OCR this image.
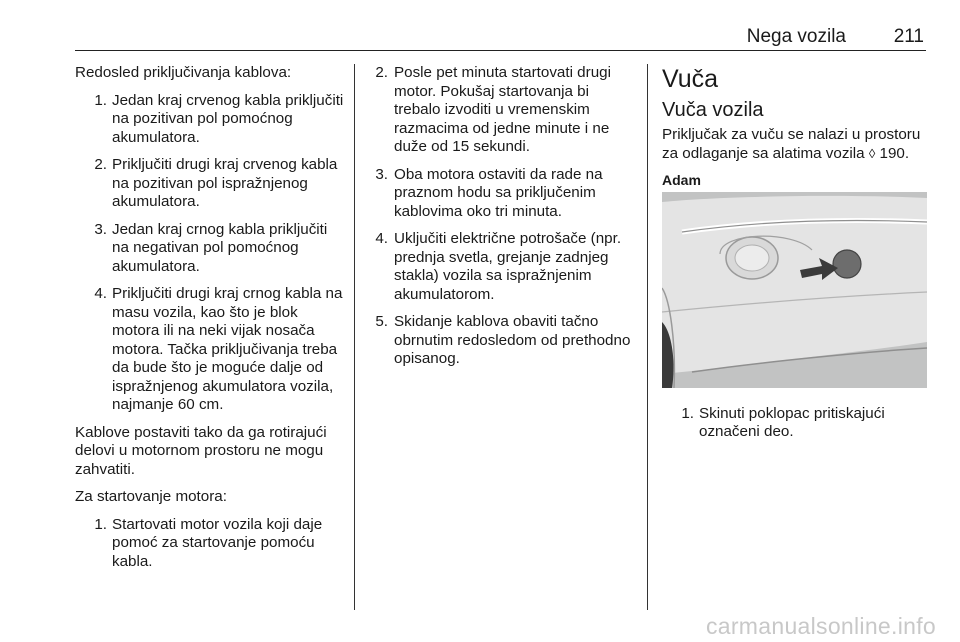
Nega vozila	211

Redosled priključivanja kablova:

1. Jedan kraj crvenog kabla priključiti na pozitivan pol pomoćnog akumulatora.
2. Priključiti drugi kraj crvenog kabla na pozitivan pol ispražnjenog akumulatora.
3. Jedan kraj crnog kabla priključiti na negativan pol pomoćnog akumulatora.
4. Priključiti drugi kraj crnog kabla na masu vozila, kao što je blok motora ili na neki vijak nosača motora. Tačka priključivanja treba da bude što je moguće dalje od ispražnjenog akumulatora vozila, najmanje 60 cm.

Kablove postaviti tako da ga rotirajući delovi u motornom prostoru ne mogu zahvatiti.

Za startovanje motora:

1. Startovati motor vozila koji daje pomoć za startovanje pomoću kabla.
2. Posle pet minuta startovati drugi motor. Pokušaj startovanja bi trebalo izvoditi u vremenskim razmacima od jedne minute i ne duže od 15 sekundi.
3. Oba motora ostaviti da rade na praznom hodu sa priključenim kablovima oko tri minuta.
4. Uključiti električne potrošače (npr. prednja svetla, grejanje zadnjeg stakla) vozila sa ispražnjenim akumulatorom.
5. Skidanje kablova obaviti tačno obrnutim redosledom od prethodno opisanog.
Vuča
Vuča vozila

Priključak za vuču se nalazi u prostoru za odlaganje sa alatima vozila ◊ 190.

Adam
1. Skinuti poklopac pritiskajući označeni deo.
carmanualsonline.info
